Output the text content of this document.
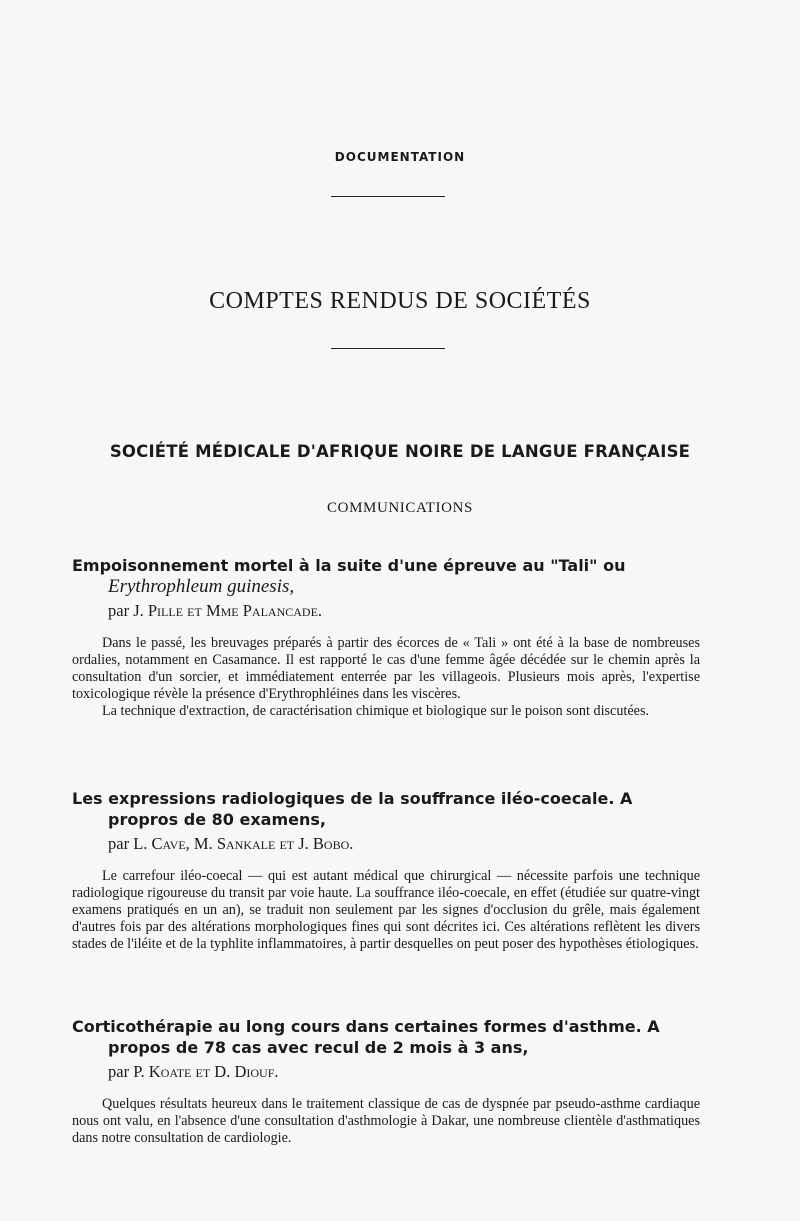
documentation
COMPTES RENDUS DE SOCIÉTÉS
SOCIÉTÉ MÉDICALE D'AFRIQUE NOIRE DE LANGUE FRANÇAISE
COMMUNICATIONS

Empoisonnement mortel à la suite d'une épreuve au "Tali" ou Erythrophleum guinesis,

par J. Pille et Mme Palancade.

Dans le passé, les breuvages préparés à partir des écorces de « Tali » ont été à la base de nombreuses ordalies, notamment en Casamance. Il est rapporté le cas d'une femme âgée décédée sur le chemin après la consultation d'un sorcier, et immédiatement enterrée par les villageois. Plusieurs mois après, l'expertise toxicologique révèle la présence d'Erythrophléines dans les viscères.

La technique d'extraction, de caractérisation chimique et biologique sur le poison sont discutées.

Les expressions radiologiques de la souffrance iléo-coecale. A propros de 80 examens,

par L. Cave, M. Sankale et J. Bobo.

Le carrefour iléo-coecal — qui est autant médical que chirurgical — nécessite parfois une technique radiologique rigoureuse du transit par voie haute. La souffrance iléo-coecale, en effet (étudiée sur quatre-vingt examens pratiqués en un an), se traduit non seulement par les signes d'occlusion du grêle, mais également d'autres fois par des altérations morphologiques fines qui sont décrites ici. Ces altérations reflètent les divers stades de l'iléite et de la typhlite inflammatoires, à partir desquelles on peut poser des hypothèses étiologiques.

Corticothérapie au long cours dans certaines formes d'asthme. A propos de 78 cas avec recul de 2 mois à 3 ans,

par P. Koate et D. Diouf.

Quelques résultats heureux dans le traitement classique de cas de dyspnée par pseudo-asthme cardiaque nous ont valu, en l'absence d'une consultation d'asthmologie à Dakar, une nombreuse clientèle d'asthmatiques dans notre consultation de cardiologie.
